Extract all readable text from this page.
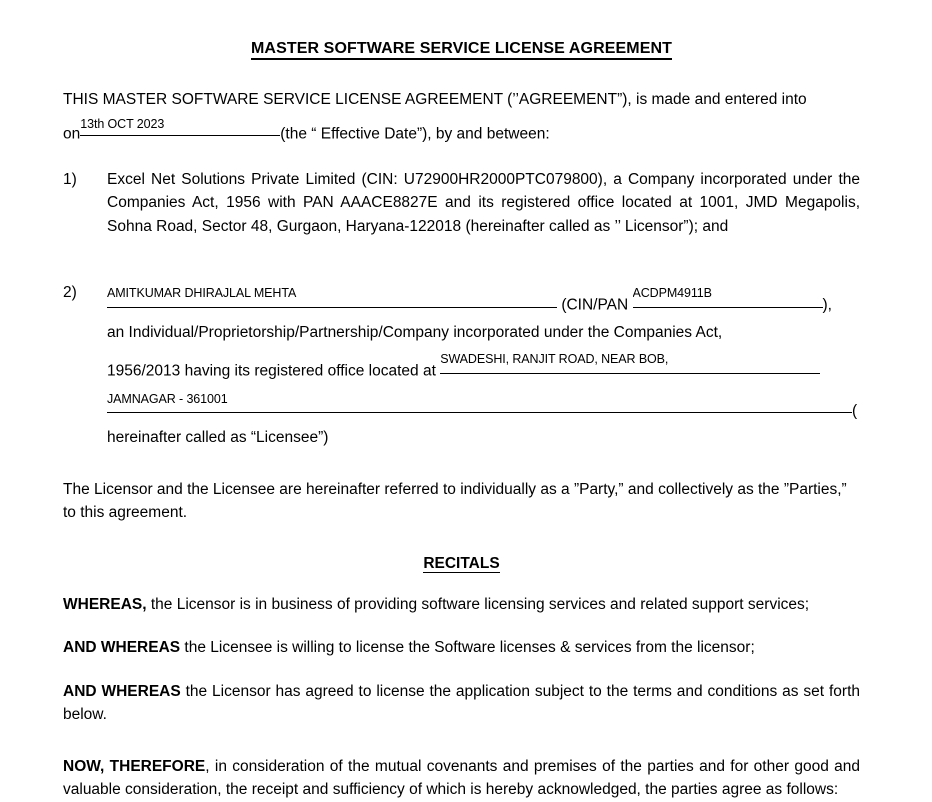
MASTER SOFTWARE SERVICE LICENSE AGREEMENT
THIS MASTER SOFTWARE SERVICE LICENSE AGREEMENT (’’AGREEMENT”), is made and entered into
on13th OCT 2023(the “ Effective Date”), by and between:
1) Excel Net Solutions Private Limited (CIN: U72900HR2000PTC079800), a Company incorporated under the Companies Act, 1956 with PAN AAACE8827E and its registered office located at 1001, JMD Megapolis, Sohna Road, Sector 48, Gurgaon, Haryana-122018 (hereinafter called as ’’ Licensor”); and
2) AMITKUMAR DHIRAJLAL MEHTA (CIN/PAN ACDPM4911B),
an Individual/Proprietorship/Partnership/Company incorporated under the Companies Act,
1956/2013 having its registered office located at SWADESHI, RANJIT ROAD, NEAR BOB,
JAMNAGAR - 361001(
hereinafter called as “Licensee”)
The Licensor and the Licensee are hereinafter referred to individually as a ”Party,” and collectively as the ”Parties,” to this agreement.
RECITALS
WHEREAS, the Licensor is in business of providing software licensing services and related support services;
AND WHEREAS the Licensee is willing to license the Software licenses & services from the licensor;
AND WHEREAS the Licensor has agreed to license the application subject to the terms and conditions as set forth below.
NOW, THEREFORE, in consideration of the mutual covenants and premises of the parties and for other good and valuable consideration, the receipt and sufficiency of which is hereby acknowledged, the parties agree as follows:
